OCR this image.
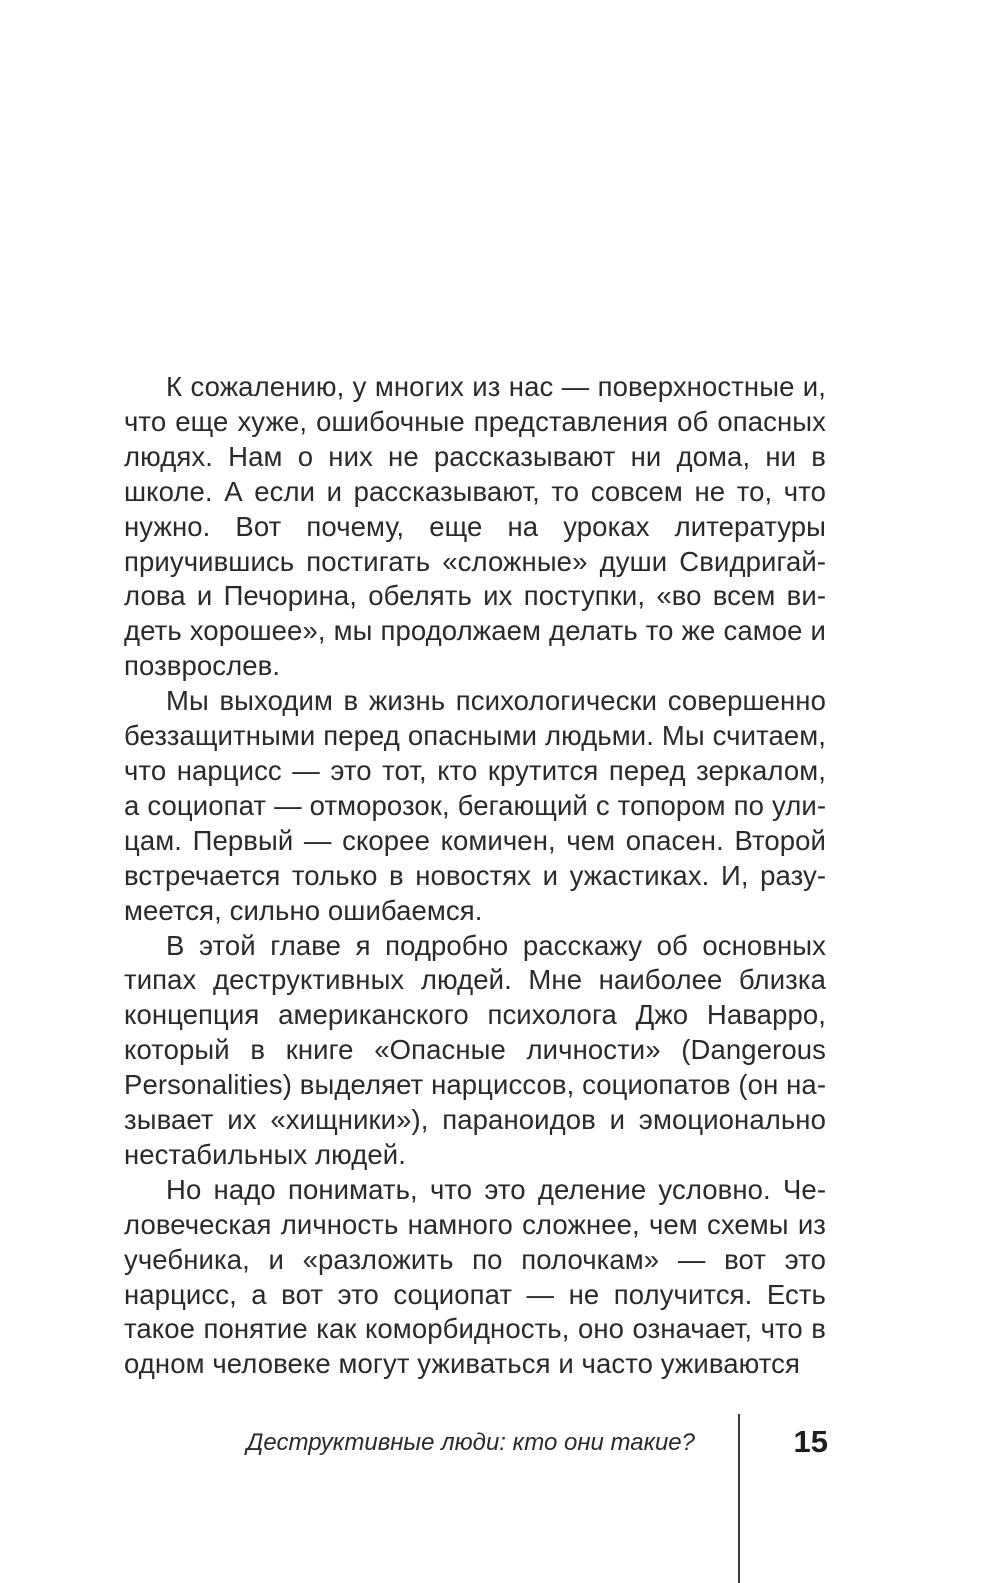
К сожалению, у многих из нас — поверхностные и, что еще хуже, ошибочные представления об опасных людях. Нам о них не рассказывают ни дома, ни в школе. А если и рассказывают, то совсем не то, что нужно. Вот почему, еще на уроках литературы приучившись постигать «сложные» души Свидригайлова и Печорина, обелять их поступки, «во всем видеть хорошее», мы продолжаем делать то же самое и позврослев.

Мы выходим в жизнь психологически совершенно беззащитными перед опасными людьми. Мы считаем, что нарцисс — это тот, кто крутится перед зеркалом, а социопат — отморозок, бегающий с топором по улицам. Первый — скорее комичен, чем опасен. Второй встречается только в новостях и ужастиках. И, разумеется, сильно ошибаемся.

В этой главе я подробно расскажу об основных типах деструктивных людей. Мне наиболее близка концепция американского психолога Джо Наварро, который в книге «Опасные личности» (Dangerous Personalities) выделяет нарциссов, социопатов (он называет их «хищники»), параноидов и эмоционально нестабильных людей.

Но надо понимать, что это деление условно. Человеческая личность намного сложнее, чем схемы из учебника, и «разложить по полочкам» — вот это нарцисс, а вот это социопат — не получится. Есть такое понятие как коморбидность, оно означает, что в одном человеке могут уживаться и часто уживаются

Деструктивные люди: кто они такие?	15
